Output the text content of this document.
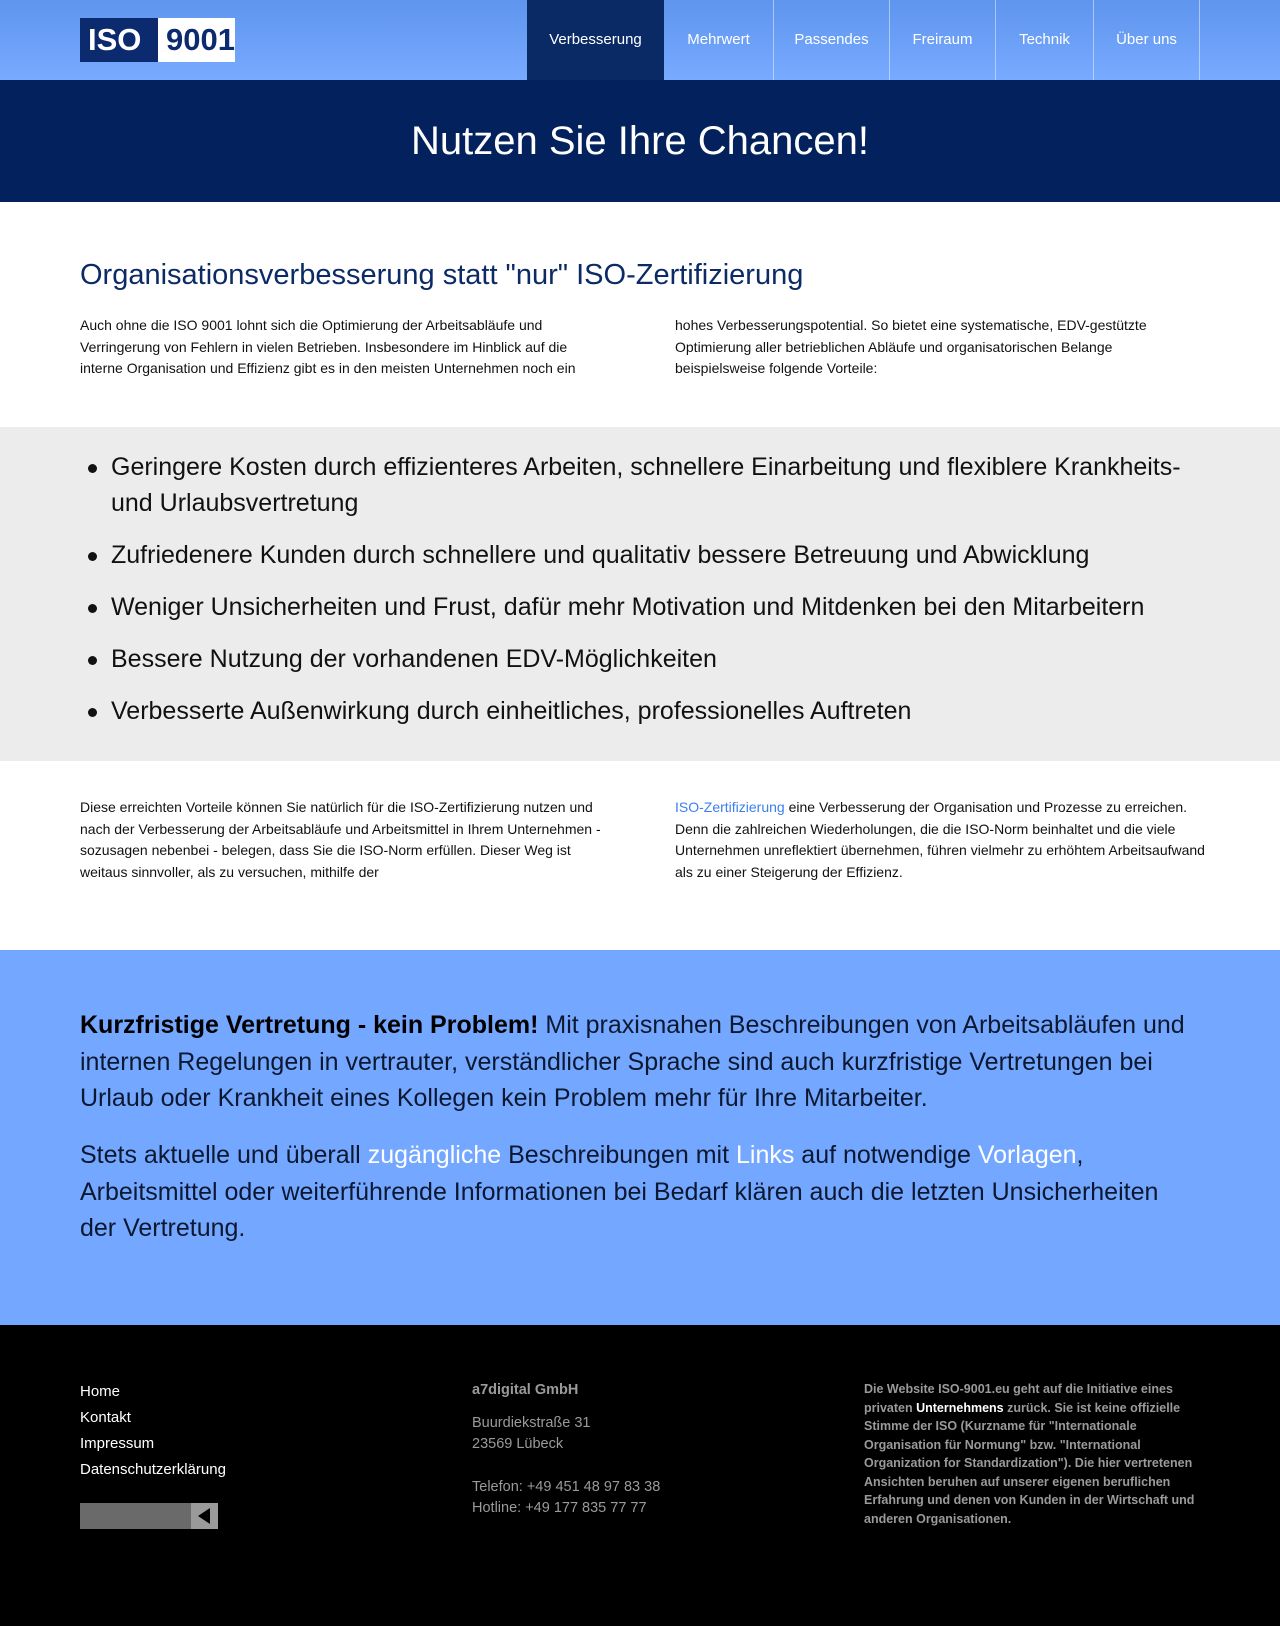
ISO 9001	Verbesserung	Mehrwert	Passendes	Freiraum	Technik	Über uns
Nutzen Sie Ihre Chancen!
Organisationsverbesserung statt "nur" ISO-Zertifizierung

Auch ohne die ISO 9001 lohnt sich die Optimierung der Arbeitsabläufe und Verringerung von Fehlern in vielen Betrieben. Insbesondere im Hinblick auf die interne Organisation und Effizienz gibt es in den meisten Unternehmen noch ein

hohes Verbesserungspotential. So bietet eine systematische, EDV-gestützte Optimierung aller betrieblichen Abläufe und organisatorischen Belange beispielsweise folgende Vorteile:

Geringere Kosten durch effizienteres Arbeiten, schnellere Einarbeitung und flexiblere Krankheits- und Urlaubsvertretung
Zufriedenere Kunden durch schnellere und qualitativ bessere Betreuung und Abwicklung
Weniger Unsicherheiten und Frust, dafür mehr Motivation und Mitdenken bei den Mitarbeitern
Bessere Nutzung der vorhandenen EDV-Möglichkeiten
Verbesserte Außenwirkung durch einheitliches, professionelles Auftreten

Diese erreichten Vorteile können Sie natürlich für die ISO-Zertifizierung nutzen und nach der Verbesserung der Arbeitsabläufe und Arbeitsmittel in Ihrem Unternehmen - sozusagen nebenbei - belegen, dass Sie die ISO-Norm erfüllen. Dieser Weg ist weitaus sinnvoller, als zu versuchen, mithilfe der

ISO-Zertifizierung eine Verbesserung der Organisation und Prozesse zu erreichen. Denn die zahlreichen Wiederholungen, die die ISO-Norm beinhaltet und die viele Unternehmen unreflektiert übernehmen, führen vielmehr zu erhöhtem Arbeitsaufwand als zu einer Steigerung der Effizienz.

Kurzfristige Vertretung - kein Problem! Mit praxisnahen Beschreibungen von Arbeitsabläufen und internen Regelungen in vertrauter, verständlicher Sprache sind auch kurzfristige Vertretungen bei Urlaub oder Krankheit eines Kollegen kein Problem mehr für Ihre Mitarbeiter.

Stets aktuelle und überall zugängliche Beschreibungen mit Links auf notwendige Vorlagen, Arbeitsmittel oder weiterführende Informationen bei Bedarf klären auch die letzten Unsicherheiten der Vertretung.

Home
Kontakt
Impressum
Datenschutzerklärung
a7digital GmbH
Buurdiekstraße 31
23569 Lübeck
Telefon: +49 451 48 97 83 38
Hotline: +49 177 835 77 77

Die Website ISO-9001.eu geht auf die Initiative eines privaten Unternehmens zurück. Sie ist keine offizielle Stimme der ISO (Kurzname für "Internationale Organisation für Normung" bzw. "International Organization for Standardization"). Die hier vertretenen Ansichten beruhen auf unserer eigenen beruflichen Erfahrung und denen von Kunden in der Wirtschaft und anderen Organisationen.
